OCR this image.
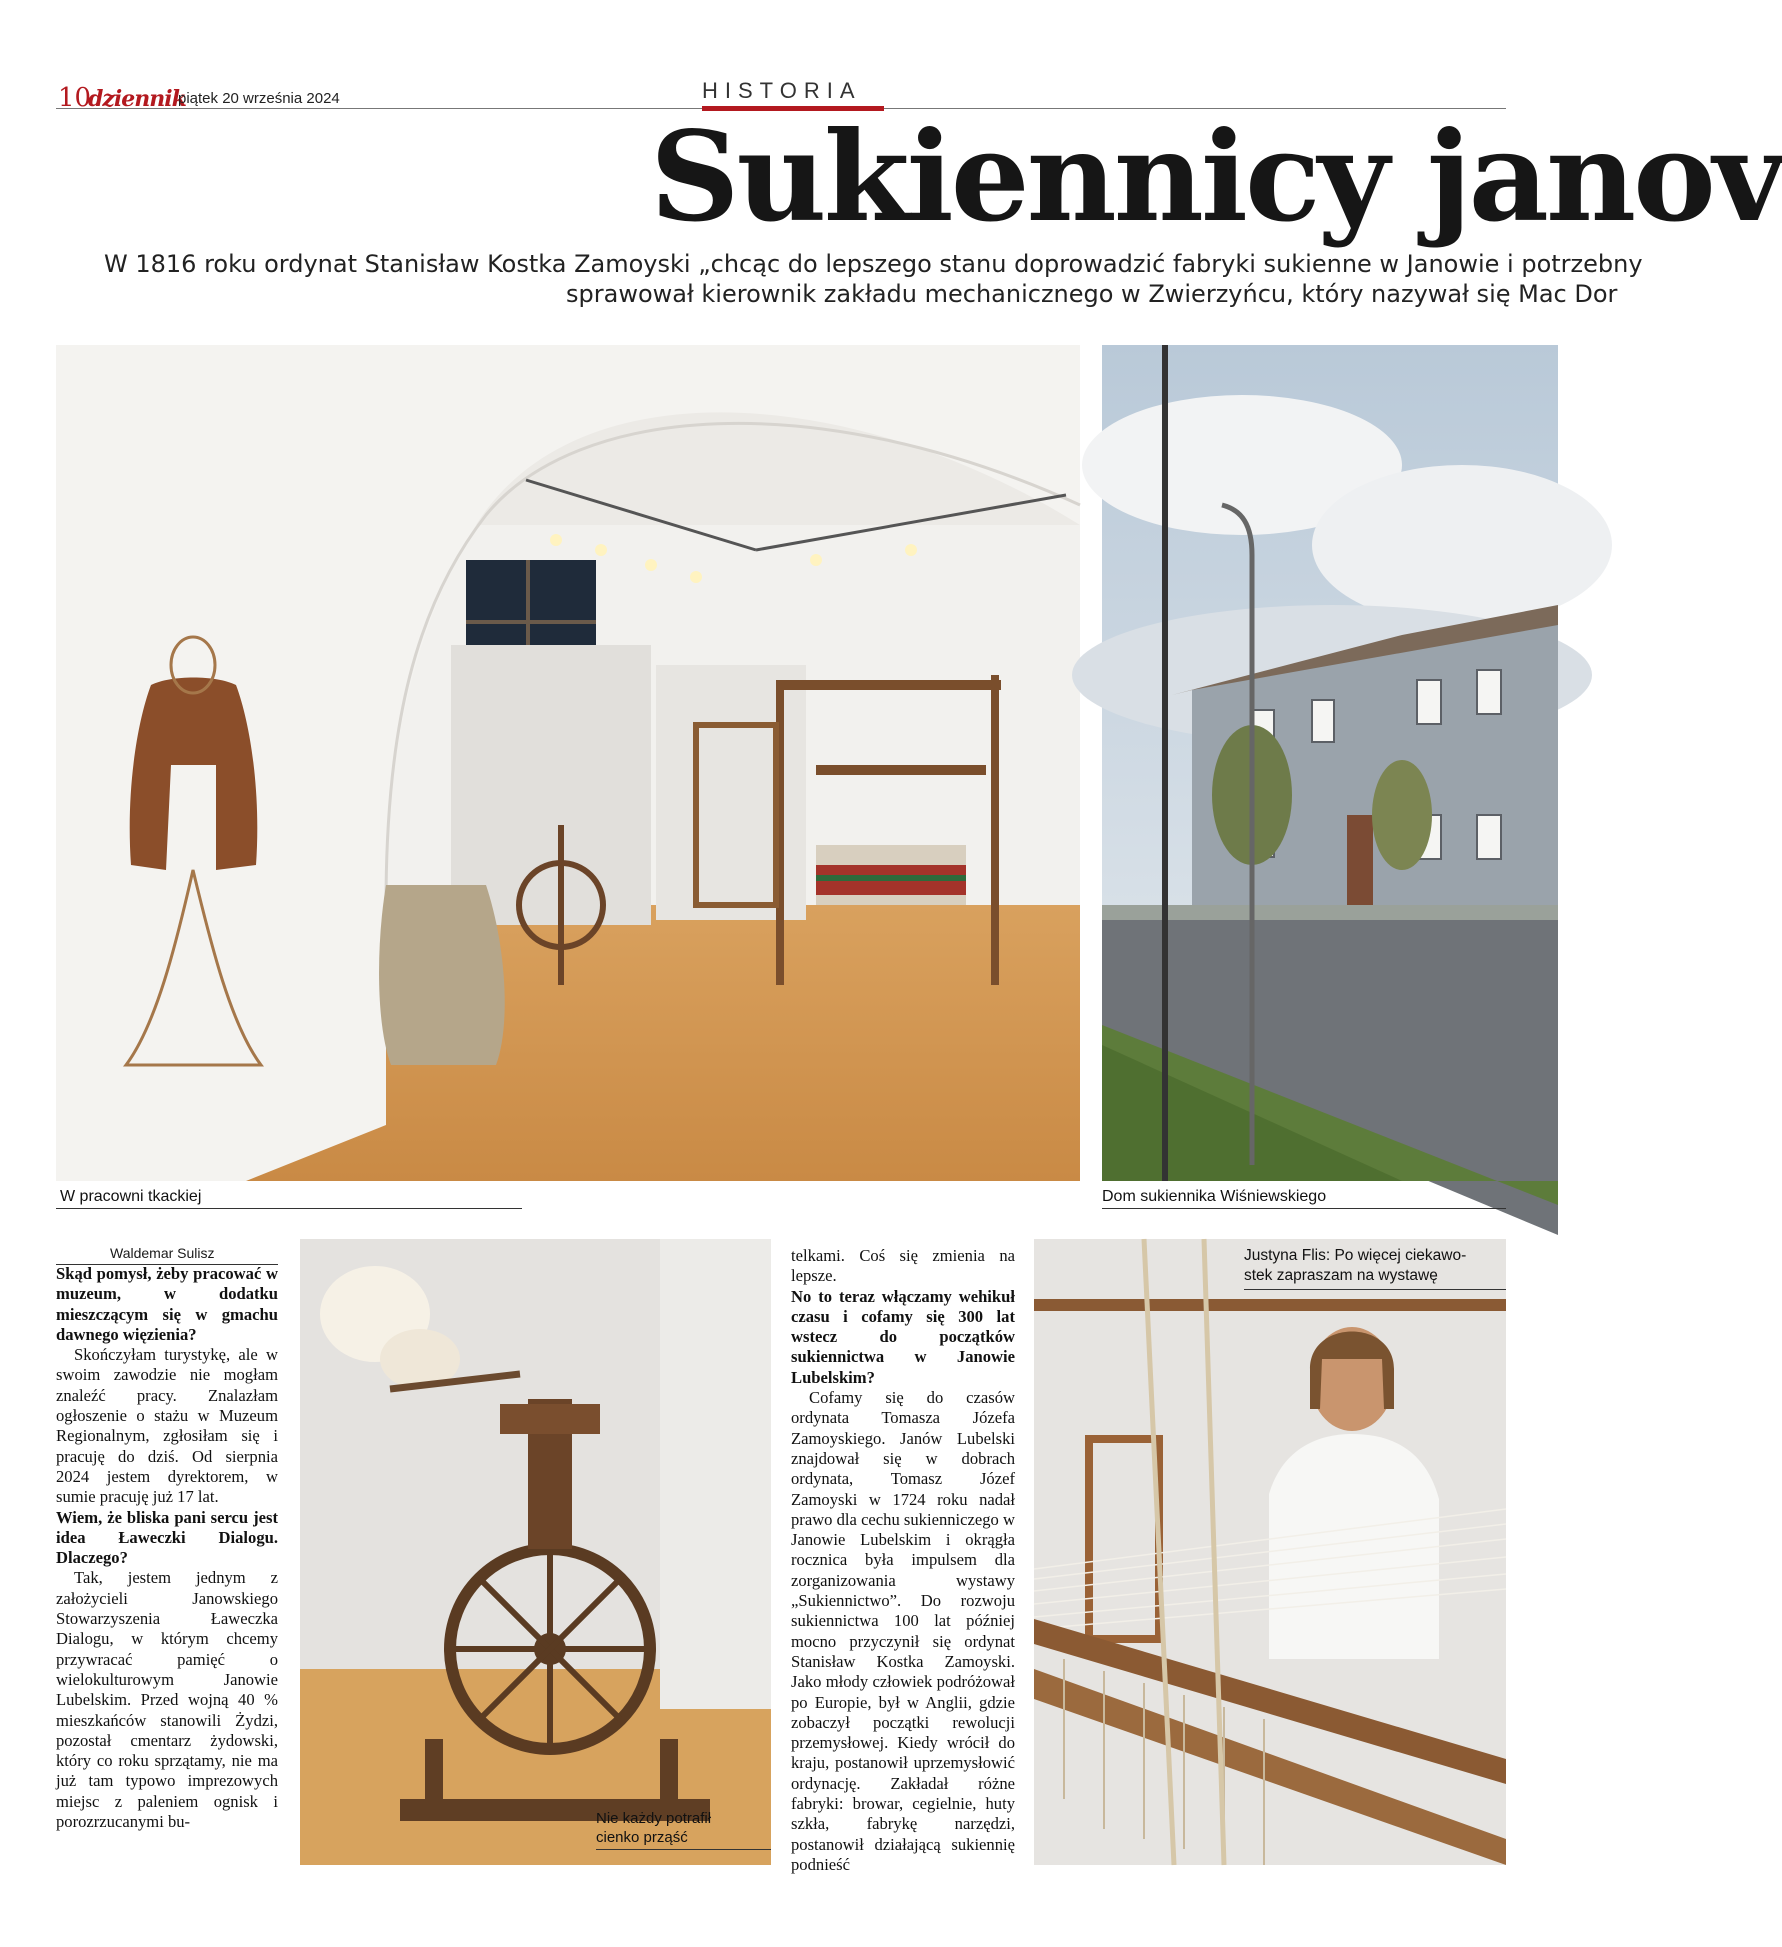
10
dziennik
piątek 20 września 2024	HISTORIA
Sukiennicy janov
W 1816 roku ordynat Stanisław Kostka Zamoyski „chcąc do lepszego stanu doprowadzić fabryki sukienne w Janowie i potrzebny
sprawował kierownik zakładu mechanicznego w Zwierzyńcu, który nazywał się Mac Dor
W pracowni tkackiej	Dom sukiennika Wiśniewskiego
Waldemar Sulisz

Skąd pomysł, żeby pracować w muzeum, w dodatku mieszczącym się w gmachu dawnego więzienia?

Skończyłam turystykę, ale w swoim zawodzie nie mogłam znaleźć pracy. Znalazłam ogłoszenie o stażu w Muzeum Regionalnym, zgłosiłam się i pracuję do dziś. Od sierpnia 2024 jestem dyrektorem, w sumie pracuję już 17 lat.

Wiem, że bliska pani sercu jest idea Ławeczki Dialogu. Dlaczego?

Tak, jestem jednym z założycieli Janowskiego Stowarzyszenia Ławeczka Dialogu, w którym chcemy przywracać pamięć o wielokulturowym Janowie Lubelskim. Przed wojną 40 % mieszkańców stanowili Żydzi, pozostał cmentarz żydowski, który co roku sprzątamy, nie ma już tam typowo imprezowych miejsc z paleniem ognisk i porozrzucanymi bu-	Nie każdy potrafił
cienko prząść

telkami. Coś się zmienia na lepsze.

No to teraz włączamy wehikuł czasu i cofamy się 300 lat wstecz do początków sukiennictwa w Janowie Lubelskim?

Cofamy się do czasów ordynata Tomasza Józefa Zamoyskiego. Janów Lubelski znajdował się w dobrach ordynata, Tomasz Józef Zamoyski w 1724 roku nadał prawo dla cechu sukienniczego w Janowie Lubelskim i okrągła rocznica była impulsem dla zorganizowania wystawy „Sukiennictwo”. Do rozwoju sukiennictwa 100 lat później mocno przyczynił się ordynat Stanisław Kostka Zamoyski. Jako młody człowiek podróżował po Europie, był w Anglii, gdzie zobaczył początki rewolucji przemysłowej. Kiedy wrócił do kraju, postanowił uprzemysłowić ordynację. Zakładał różne fabryki: browar, cegielnie, huty szkła, fabrykę narzędzi, postanowił działającą sukiennię podnieść

Justyna Flis: Po więcej ciekawo-
stek zapraszam na wystawę
